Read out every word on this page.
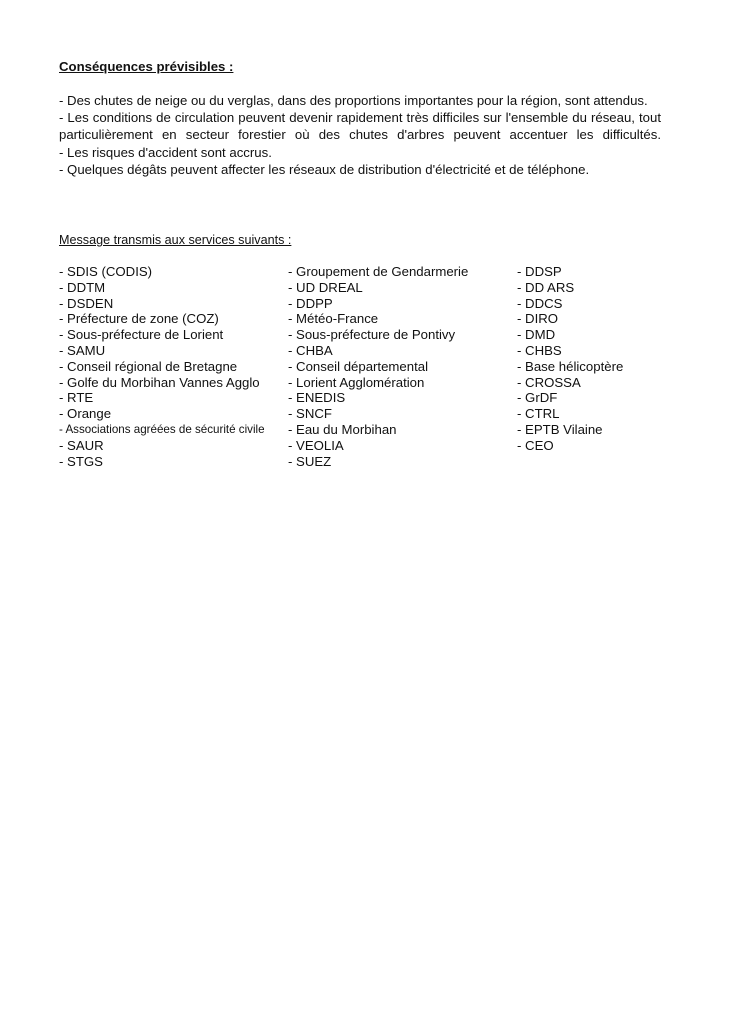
Conséquences prévisibles :

- Des chutes de neige ou du verglas, dans des proportions importantes pour la région, sont attendus.

- Les conditions de circulation peuvent devenir rapidement très difficiles sur l'ensemble du réseau, tout particulièrement en secteur forestier où des chutes d'arbres peuvent accentuer les difficultés.

- Les risques d'accident sont accrus.

- Quelques dégâts peuvent affecter les réseaux de distribution d'électricité et de téléphone.

Message transmis aux services suivants :
- SDIS (CODIS)
- DDTM
- DSDEN
- Préfecture de zone (COZ)
- Sous-préfecture de Lorient
- SAMU
- Conseil régional de Bretagne
- Golfe du Morbihan Vannes Agglo
- RTE
- Orange
- Associations agréées de sécurité civile
- SAUR
- STGS
- Groupement de Gendarmerie
- UD DREAL
- DDPP
- Météo-France
- Sous-préfecture de Pontivy
- CHBA
- Conseil départemental
- Lorient Agglomération
- ENEDIS
- SNCF
- Eau du Morbihan
- VEOLIA
- SUEZ
- DDSP
- DD ARS
- DDCS
- DIRO
- DMD
- CHBS
- Base hélicoptère
- CROSSA
- GrDF
- CTRL
- EPTB Vilaine
- CEO
